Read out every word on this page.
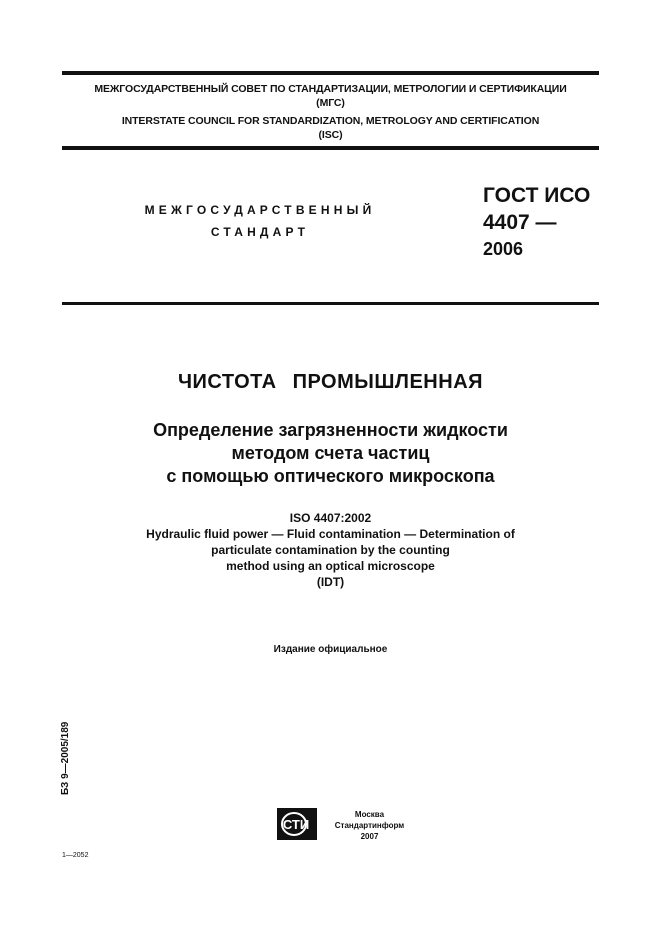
МЕЖГОСУДАРСТВЕННЫЙ СОВЕТ ПО СТАНДАРТИЗАЦИИ, МЕТРОЛОГИИ И СЕРТИФИКАЦИИ
(МГС)
INTERSTATE COUNCIL FOR STANDARDIZATION, METROLOGY AND CERTIFICATION
(ISC)
МЕЖГОСУДАРСТВЕННЫЙ
СТАНДАРТ
ГОСТ ИСО
4407 —
2006
ЧИСТОТА ПРОМЫШЛЕННАЯ
Определение загрязненности жидкости
методом счета частиц
с помощью оптического микроскопа
ISO 4407:2002
Hydraulic fluid power — Fluid contamination — Determination of
particulate contamination by the counting
method using an optical microscope
(IDT)
Издание официальное
БЗ 9—2005/189
СТИ
Москва
Стандартинформ
2007
1—2052
